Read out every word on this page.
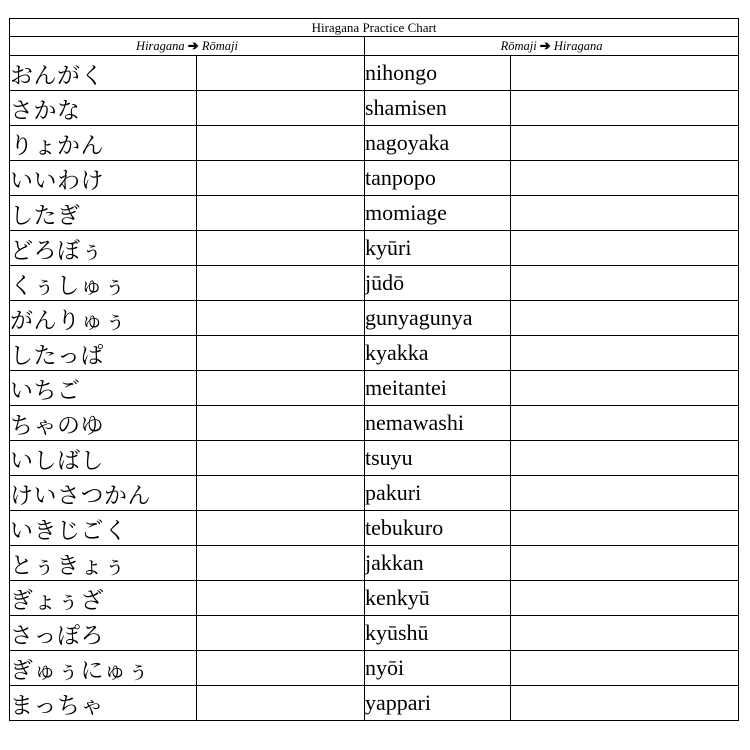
Hiragana Practice Chart			
Hiragana ➔ Rōmaji		Rōmaji ➔ Hiragana	
おんがく		nihongo	
さかな		shamisen	
りょかん		nagoyaka	
いいわけ		tanpopo	
したぎ		momiage	
どろぼぅ		kyūri	
くぅしゅぅ		jūdō	
がんりゅぅ		gunyagunya	
したっぱ		kyakka	
いちご		meitantei	
ちゃのゆ		nemawashi	
いしばし		tsuyu	
けいさつかん		pakuri	
いきじごく		tebukuro	
とぅきょぅ		jakkan	
ぎょぅざ		kenkyū	
さっぽろ		kyūshū	
ぎゅぅにゅぅ		nyōi	
まっちゃ		yappari	
